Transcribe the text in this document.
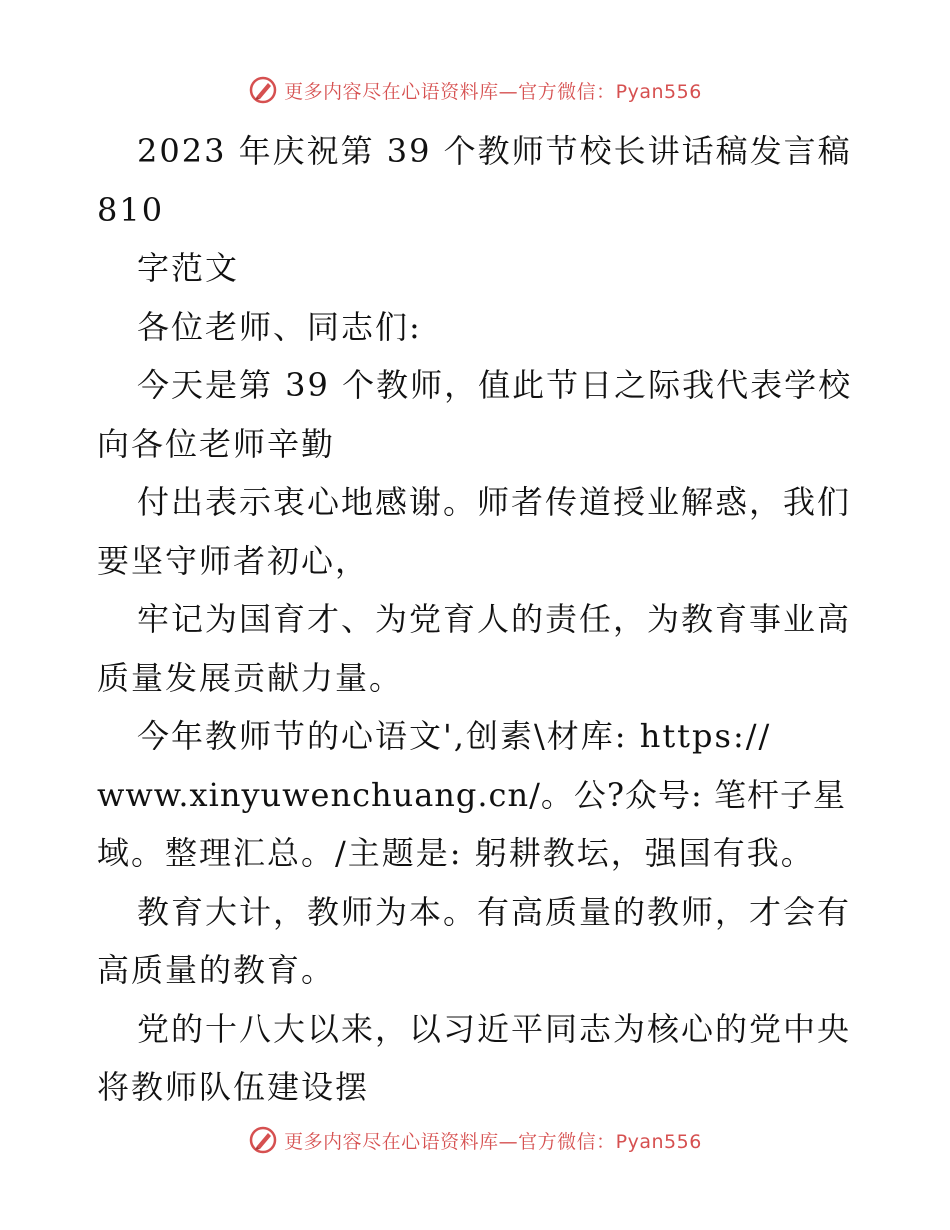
更多内容尽在心语资料库—官方微信：Pyan556
2023 年庆祝第 39 个教师节校长讲话稿发言稿
810
字范文
各位老师、同志们:
今天是第 39 个教师，值此节日之际我代表学校
向各位老师辛勤
付出表示衷心地感谢。师者传道授业解惑，我们
要坚守师者初心，
牢记为国育才、为党育人的责任，为教育事业高
质量发展贡献力量。
今年教师节的心语文',创素\材库: https://
www.xinyuwenchuang.cn/。公?众号: 笔杆子星
域。整理汇总。/主题是: 躬耕教坛，强国有我。
教育大计，教师为本。有高质量的教师，才会有
高质量的教育。
党的十八大以来，以习近平同志为核心的党中央
将教师队伍建设摆
更多内容尽在心语资料库—官方微信：Pyan556
